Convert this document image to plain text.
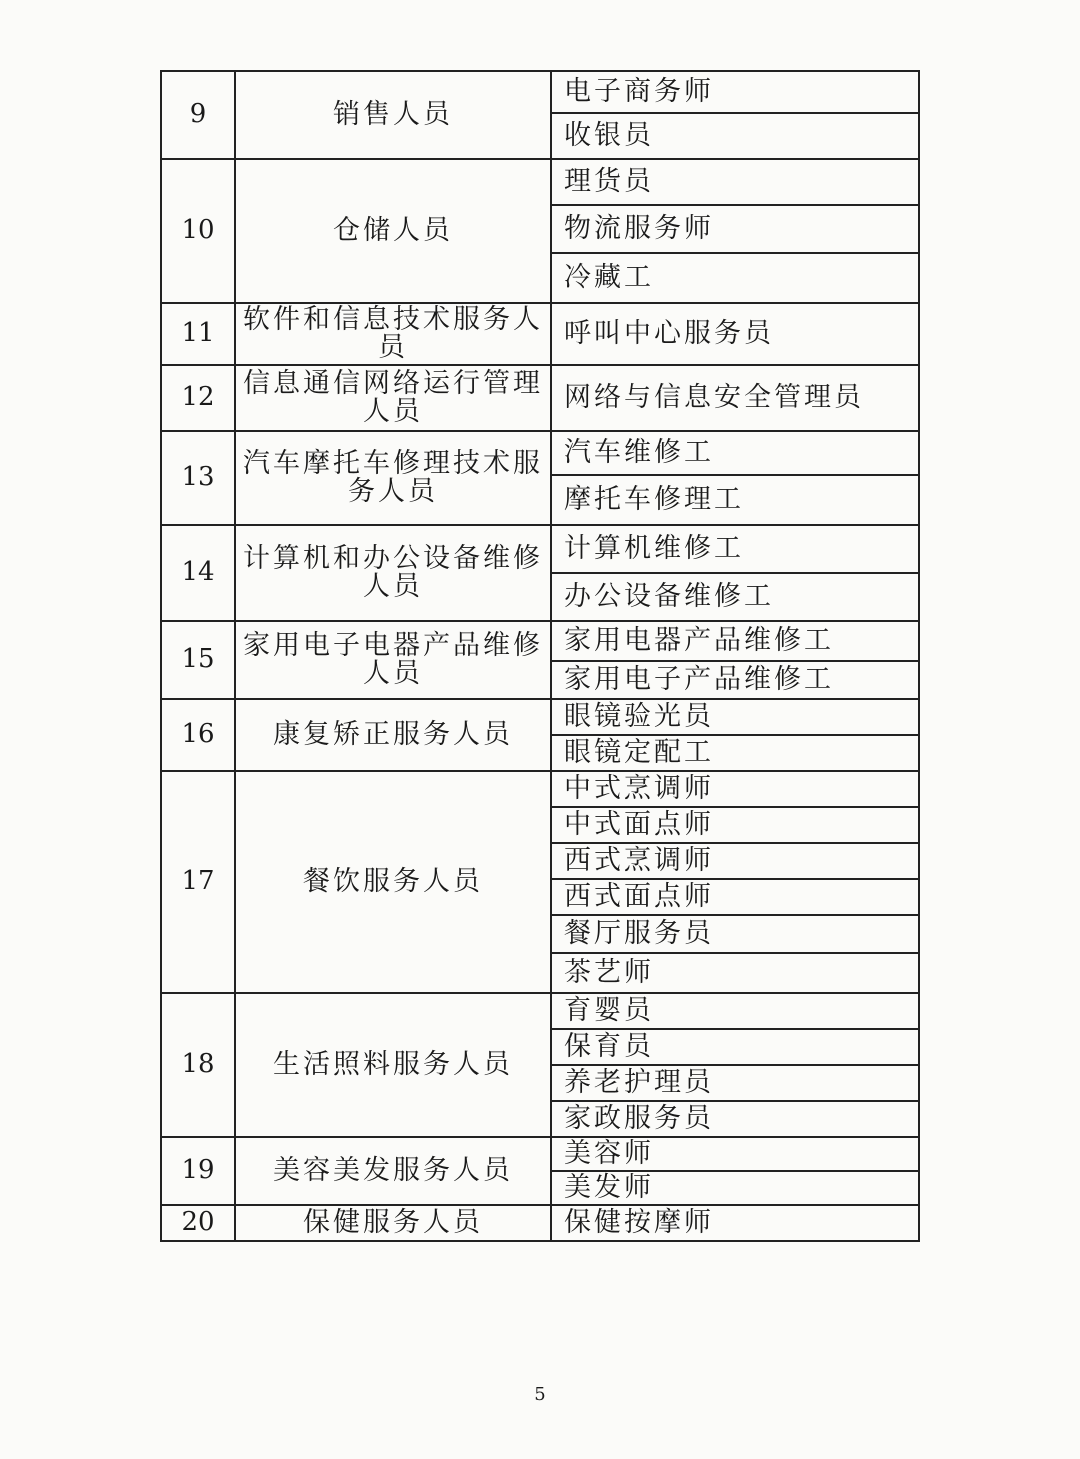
9	销售人员	电子商务师
		收银员
10	仓储人员	理货员
		物流服务师
		冷藏工
11	软件和信息技术服务人员	呼叫中心服务员
12	信息通信网络运行管理人员	网络与信息安全管理员
13	汽车摩托车修理技术服务人员	汽车维修工
		摩托车修理工
14	计算机和办公设备维修人员	计算机维修工
		办公设备维修工
15	家用电子电器产品维修人员	家用电器产品维修工
		家用电子产品维修工
16	康复矫正服务人员	眼镜验光员
		眼镜定配工
17	餐饮服务人员	中式烹调师
		中式面点师
		西式烹调师
		西式面点师
		餐厅服务员
		茶艺师
18	生活照料服务人员	育婴员
		保育员
		养老护理员
		家政服务员
19	美容美发服务人员	美容师
		美发师
20	保健服务人员	保健按摩师
5
